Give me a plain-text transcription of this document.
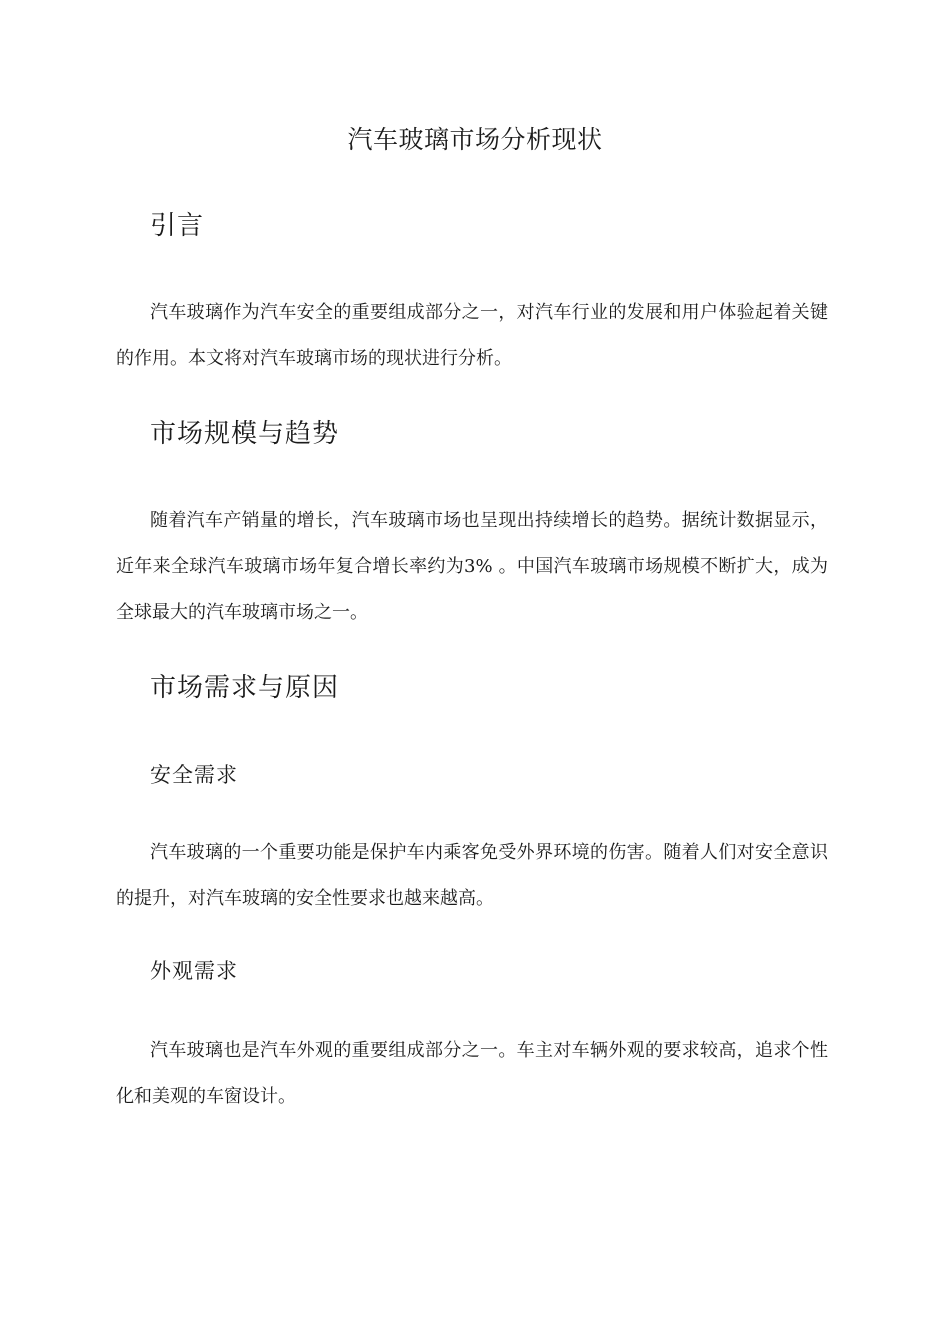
汽车玻璃市场分析现状
引言

汽车玻璃作为汽车安全的重要组成部分之一，对汽车行业的发展和用户体验起着关键的作用。本文将对汽车玻璃市场的现状进行分析。

市场规模与趋势

随着汽车产销量的增长，汽车玻璃市场也呈现出持续增长的趋势。据统计数据显示，近年来全球汽车玻璃市场年复合增长率约为3% 。中国汽车玻璃市场规模不断扩大，成为全球最大的汽车玻璃市场之一。

市场需求与原因
安全需求

汽车玻璃的一个重要功能是保护车内乘客免受外界环境的伤害。随着人们对安全意识的提升，对汽车玻璃的安全性要求也越来越高。

外观需求

汽车玻璃也是汽车外观的重要组成部分之一。车主对车辆外观的要求较高，追求个性化和美观的车窗设计。
